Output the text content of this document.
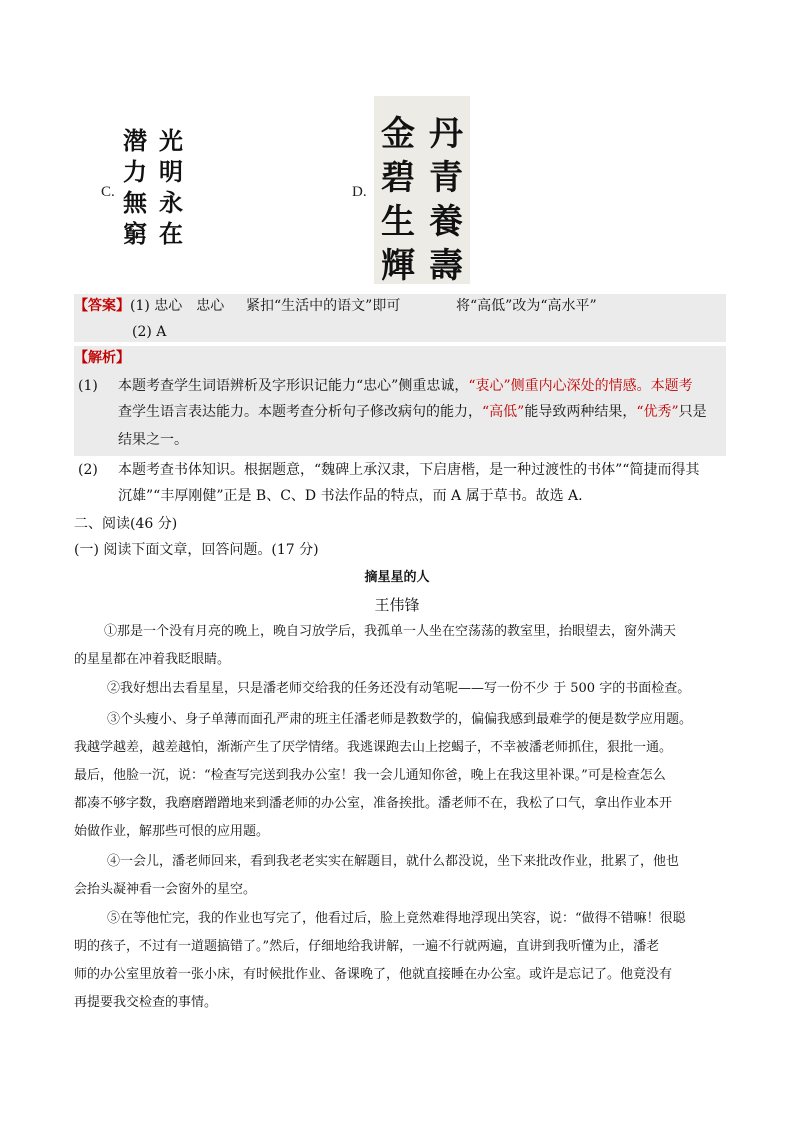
C.
光
明
永
在
潜
力
無
窮
D.
丹
青
養
壽
金
碧
生
輝
【答案】(1) 忠心　忠心 紧扣“生活中的语文”即可	将“高低”改为“高水平”
(2) A
【解析】
(1) 本题考查学生词语辨析及字形识记能力“忠心”侧重忠诚，“衷心”侧重内心深处的情感。本题考
查学生语言表达能力。本题考查分析句子修改病句的能力，“高低”能导致两种结果，“优秀”只是
结果之一。
(2) 本题考查书体知识。根据题意，“魏碑上承汉隶，下启唐楷，是一种过渡性的书体”“简捷而得其
沉雄”“丰厚刚健”正是 B、C、D 书法作品的特点，而 A 属于草书。故选 A.
二、阅读(46 分)
(一) 阅读下面文章，回答问题。(17 分)
摘星星的人
王伟锋
①那是一个没有月亮的晚上，晚自习放学后，我孤单一人坐在空荡荡的教室里，抬眼望去，窗外满天
的星星都在冲着我眨眼睛。
②我好想出去看星星，只是潘老师交给我的任务还没有动笔呢——写一份不少 于 500 字的书面检查。
③个头瘦小、身子单薄而面孔严肃的班主任潘老师是教数学的，偏偏我感到最难学的便是数学应用题。
我越学越差，越差越怕，渐渐产生了厌学情绪。我逃课跑去山上挖蝎子，不幸被潘老师抓住，狠批一通。
最后，他脸一沉，说：“检查写完送到我办公室！我一会儿通知你爸，晚上在我这里补课。”可是检查怎么
都凑不够字数，我磨磨蹭蹭地来到潘老师的办公室，准备挨批。潘老师不在，我松了口气，拿出作业本开
始做作业，解那些可恨的应用题。
④一会儿，潘老师回来，看到我老老实实在解题目，就什么都没说，坐下来批改作业，批累了，他也
会抬头凝神看一会窗外的星空。
⑤在等他忙完，我的作业也写完了，他看过后，脸上竟然难得地浮现出笑容，说：“做得不错嘛！很聪
明的孩子，不过有一道题搞错了。”然后，仔细地给我讲解，一遍不行就两遍，直讲到我听懂为止，潘老
师的办公室里放着一张小床，有时候批作业、备课晚了，他就直接睡在办公室。或许是忘记了。他竟没有
再提要我交检查的事情。
